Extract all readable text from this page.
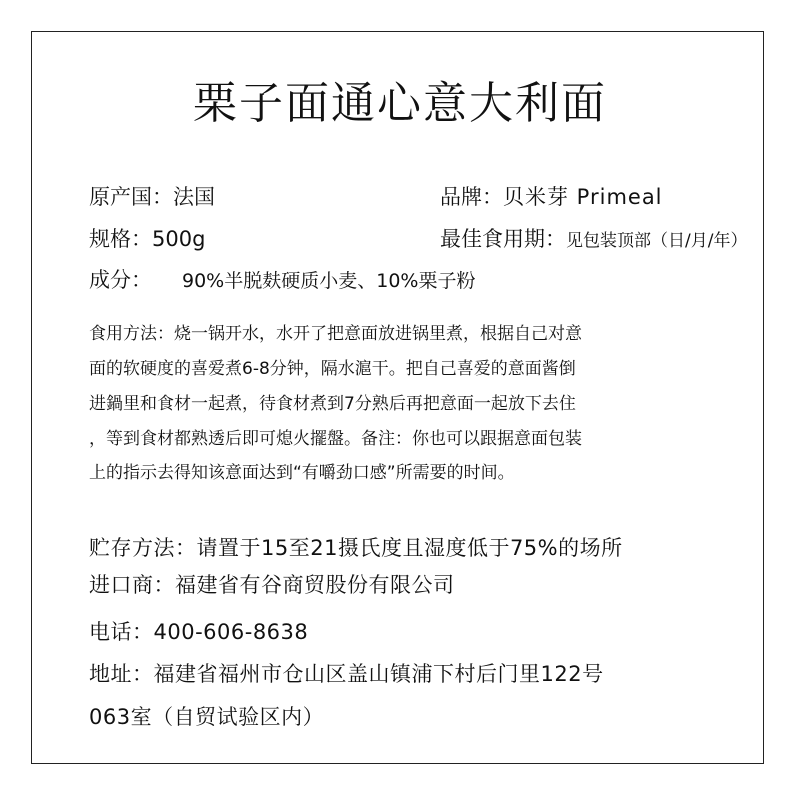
栗子面通心意大利面
原产国：法国	品牌：贝米芽 Primeal
规格：500g	最佳食用期：见包装顶部（日/月/年）
成分： 90%半脱麸硬质小麦、10%栗子粉
食用方法：烧一锅开水，水开了把意面放进锅里煮，根据自己对意
面的软硬度的喜爱煮6-8分钟，隔水滬干。把自己喜爱的意面酱倒
进鍋里和食材一起煮，待食材煮到7分熟后再把意面一起放下去住
，等到食材都熟透后即可熄火擺盤。备注：你也可以跟据意面包装
上的指示去得知该意面达到“有嚼劲口感”所需要的时间。
贮存方法：请置于15至21摄氏度且湿度低于75%的场所
进口商：福建省有谷商贸股份有限公司
电话：400-606-8638
地址：福建省福州市仓山区盖山镇浦下村后门里122号
063室（自贸试验区内）
